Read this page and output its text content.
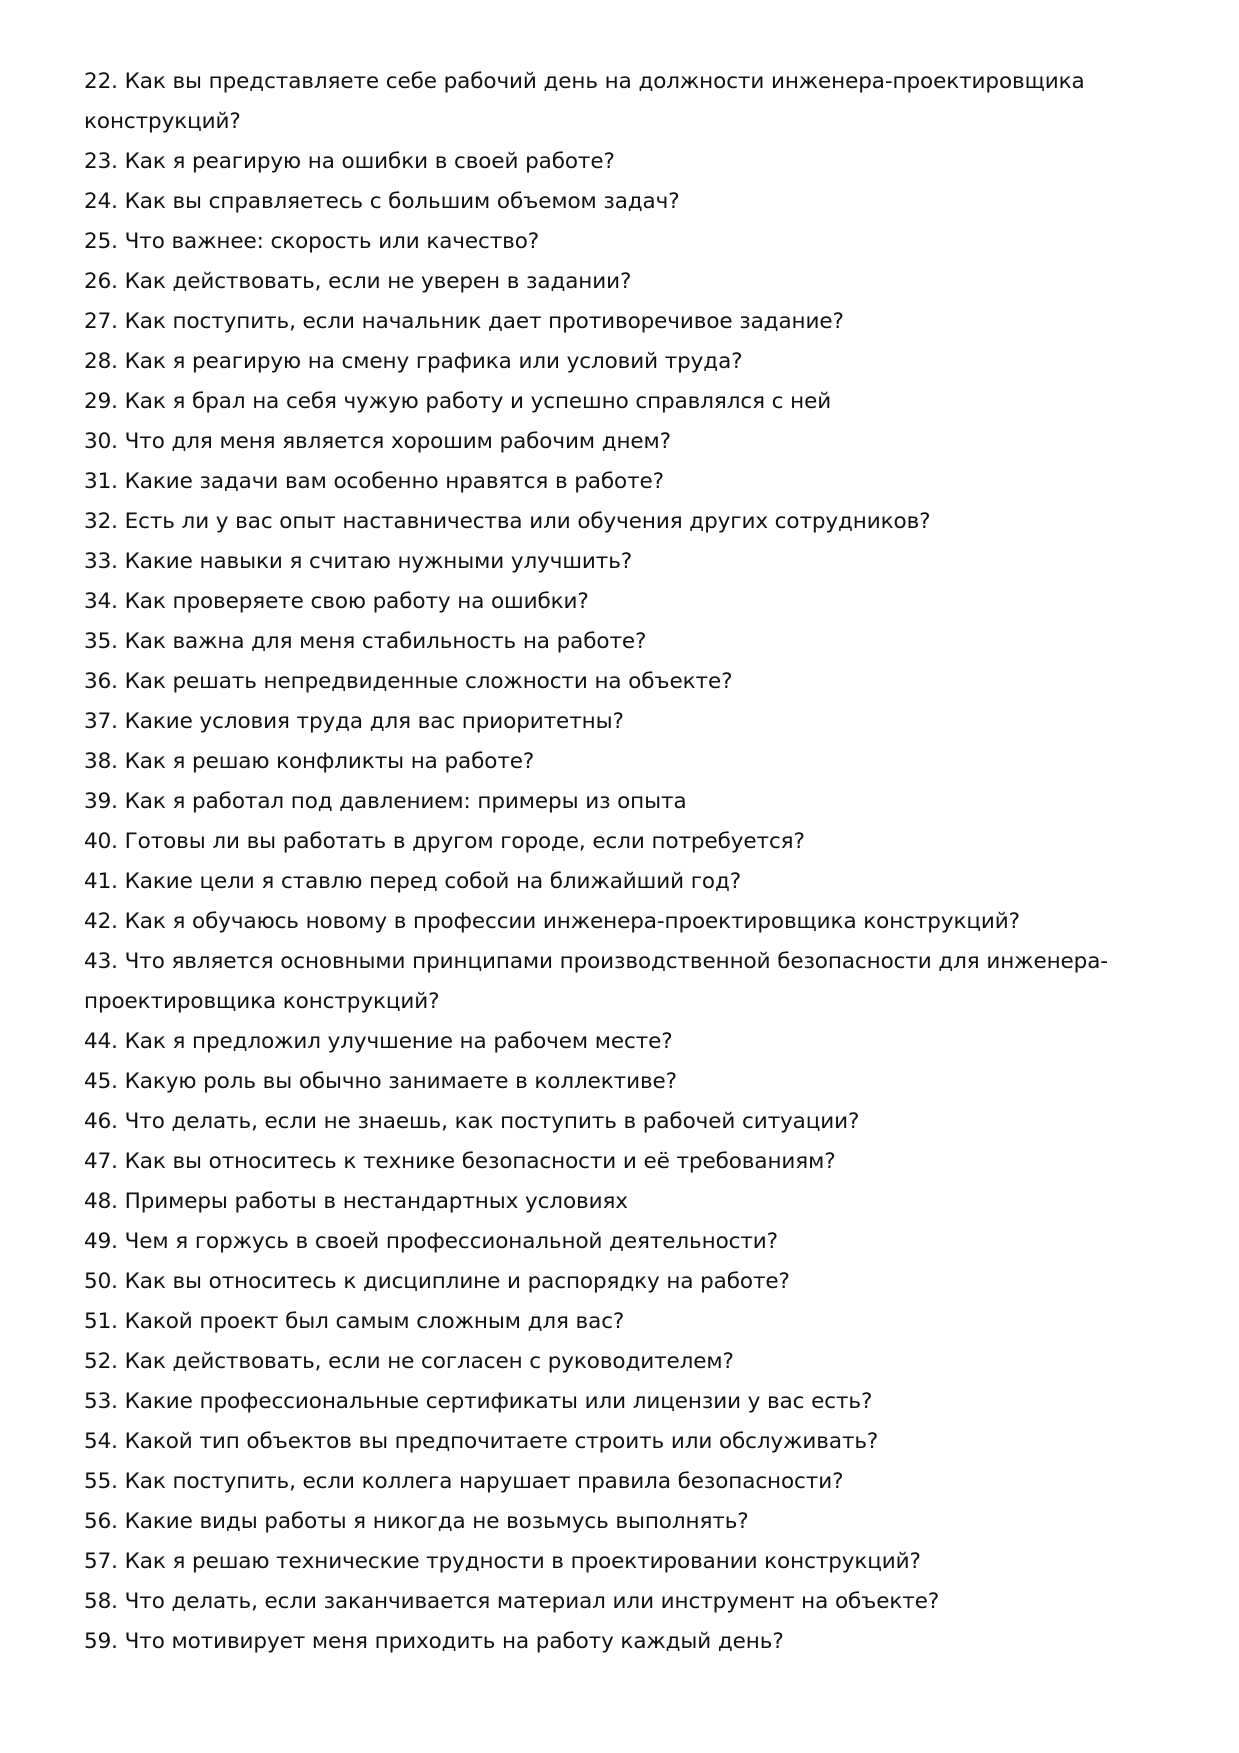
22. Как вы представляете себе рабочий день на должности инженера-проектировщика конструкций?
23. Как я реагирую на ошибки в своей работе?
24. Как вы справляетесь с большим объемом задач?
25. Что важнее: скорость или качество?
26. Как действовать, если не уверен в задании?
27. Как поступить, если начальник дает противоречивое задание?
28. Как я реагирую на смену графика или условий труда?
29. Как я брал на себя чужую работу и успешно справлялся с ней
30. Что для меня является хорошим рабочим днем?
31. Какие задачи вам особенно нравятся в работе?
32. Есть ли у вас опыт наставничества или обучения других сотрудников?
33. Какие навыки я считаю нужными улучшить?
34. Как проверяете свою работу на ошибки?
35. Как важна для меня стабильность на работе?
36. Как решать непредвиденные сложности на объекте?
37. Какие условия труда для вас приоритетны?
38. Как я решаю конфликты на работе?
39. Как я работал под давлением: примеры из опыта
40. Готовы ли вы работать в другом городе, если потребуется?
41. Какие цели я ставлю перед собой на ближайший год?
42. Как я обучаюсь новому в профессии инженера-проектировщика конструкций?
43. Что является основными принципами производственной безопасности для инженера-проектировщика конструкций?
44. Как я предложил улучшение на рабочем месте?
45. Какую роль вы обычно занимаете в коллективе?
46. Что делать, если не знаешь, как поступить в рабочей ситуации?
47. Как вы относитесь к технике безопасности и её требованиям?
48. Примеры работы в нестандартных условиях
49. Чем я горжусь в своей профессиональной деятельности?
50. Как вы относитесь к дисциплине и распорядку на работе?
51. Какой проект был самым сложным для вас?
52. Как действовать, если не согласен с руководителем?
53. Какие профессиональные сертификаты или лицензии у вас есть?
54. Какой тип объектов вы предпочитаете строить или обслуживать?
55. Как поступить, если коллега нарушает правила безопасности?
56. Какие виды работы я никогда не возьмусь выполнять?
57. Как я решаю технические трудности в проектировании конструкций?
58. Что делать, если заканчивается материал или инструмент на объекте?
59. Что мотивирует меня приходить на работу каждый день?
